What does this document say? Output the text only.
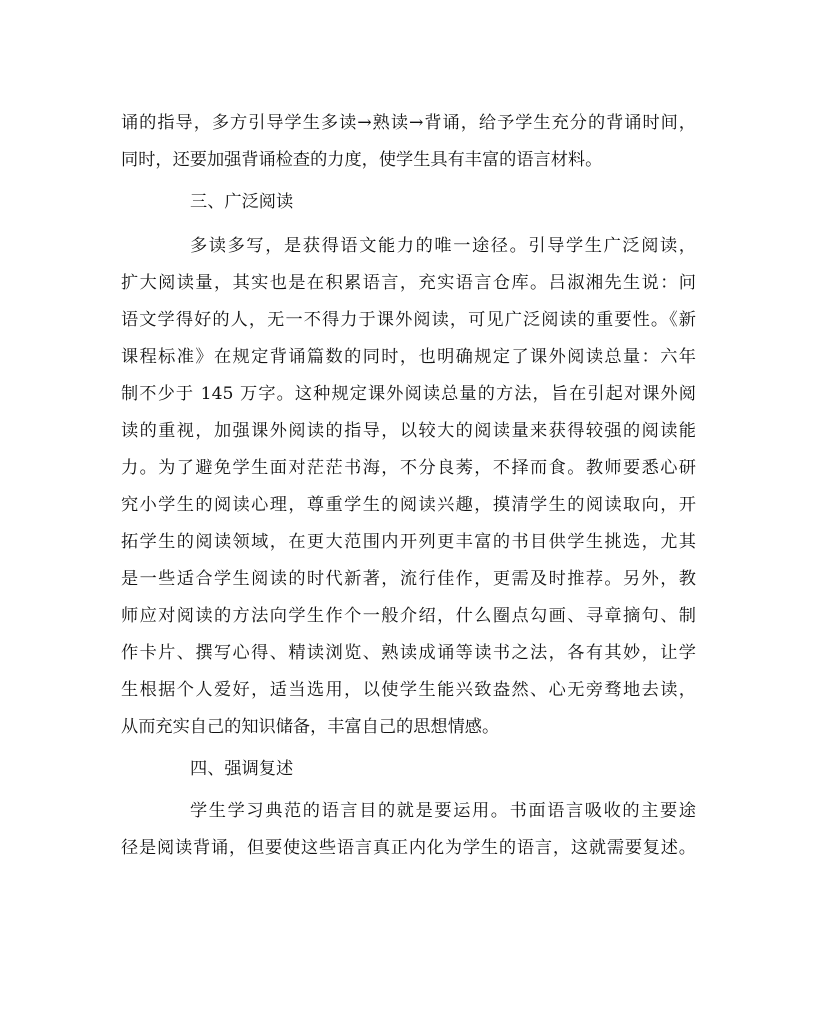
诵的指导，多方引导学生多读→熟读→背诵，给予学生充分的背诵时间，
同时，还要加强背诵检查的力度，使学生具有丰富的语言材料。
三、广泛阅读
多读多写，是获得语文能力的唯一途径。引导学生广泛阅读，
扩大阅读量，其实也是在积累语言，充实语言仓库。吕淑湘先生说：问
语文学得好的人，无一不得力于课外阅读，可见广泛阅读的重要性。《新
课程标准》在规定背诵篇数的同时，也明确规定了课外阅读总量：六年
制不少于 145 万字。这种规定课外阅读总量的方法，旨在引起对课外阅
读的重视，加强课外阅读的指导，以较大的阅读量来获得较强的阅读能
力。为了避免学生面对茫茫书海，不分良莠，不择而食。教师要悉心研
究小学生的阅读心理，尊重学生的阅读兴趣，摸清学生的阅读取向，开
拓学生的阅读领域，在更大范围内开列更丰富的书目供学生挑选，尤其
是一些适合学生阅读的时代新著，流行佳作，更需及时推荐。另外，教
师应对阅读的方法向学生作个一般介绍，什么圈点勾画、寻章摘句、制
作卡片、撰写心得、精读浏览、熟读成诵等读书之法，各有其妙，让学
生根据个人爱好，适当选用，以使学生能兴致盎然、心无旁骛地去读，
从而充实自己的知识储备，丰富自己的思想情感。
四、强调复述
学生学习典范的语言目的就是要运用。书面语言吸收的主要途
径是阅读背诵，但要使这些语言真正内化为学生的语言，这就需要复述。
